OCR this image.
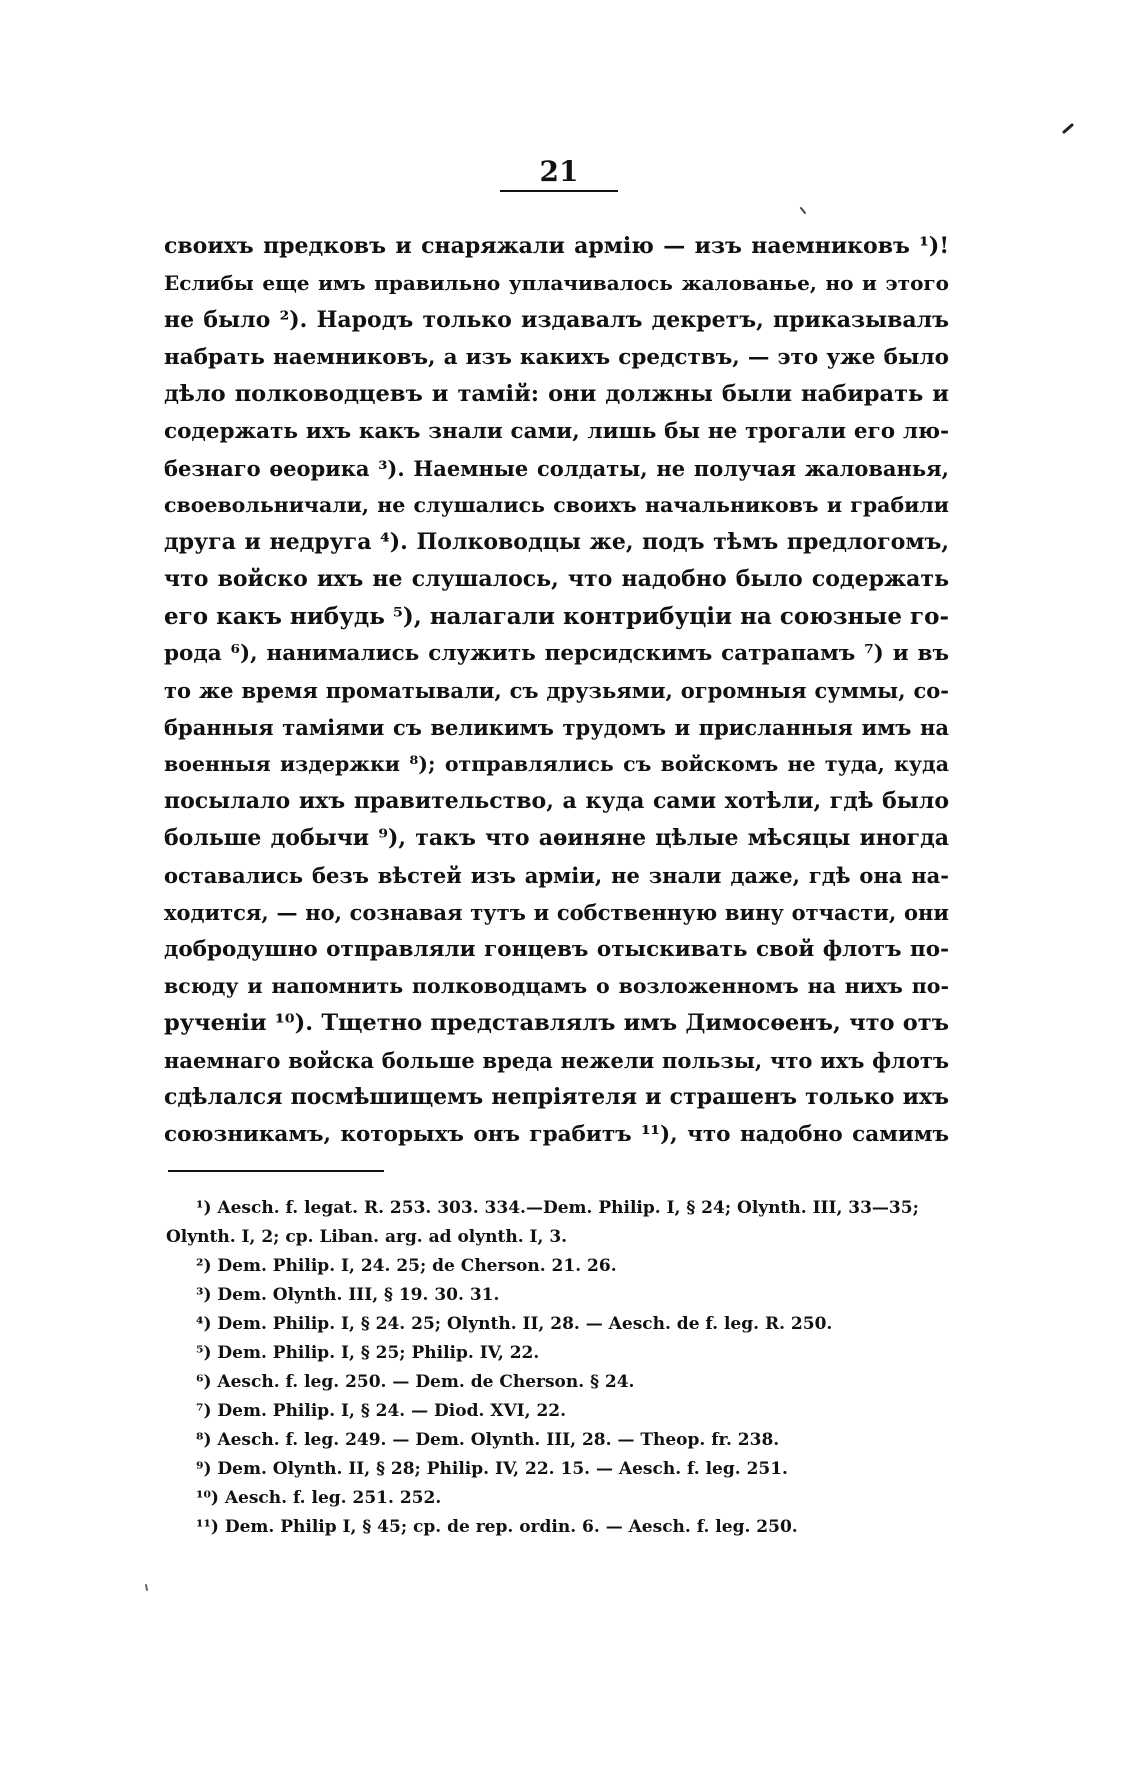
21
своихъ предковъ и снаряжали армію — изъ наемниковъ ¹)!
Еслибы еще имъ правильно уплачивалось жалованье, но и этого
не было ²). Народъ только издавалъ декретъ, приказывалъ
набрать наемниковъ, а изъ какихъ средствъ, — это уже было
дѣло полководцевъ и тамій: они должны были набирать и
содержать ихъ какъ знали сами, лишь бы не трогали его лю-
безнаго ѳеорика ³). Наемные солдаты, не получая жалованья,
своевольничали, не слушались своихъ начальниковъ и грабили
друга и недруга ⁴). Полководцы же, подъ тѣмъ предлогомъ,
что войско ихъ не слушалось, что надобно было содержать
его какъ нибудь ⁵), налагали контрибуціи на союзные го-
рода ⁶), нанимались служить персидскимъ сатрапамъ ⁷) и въ
то же время проматывали, съ друзьями, огромныя суммы, со-
бранныя таміями съ великимъ трудомъ и присланныя имъ на
военныя издержки ⁸); отправлялись съ войскомъ не туда, куда
посылало ихъ правительство, а куда сами хотѣли, гдѣ было
больше добычи ⁹), такъ что аѳиняне цѣлые мѣсяцы иногда
оставались безъ вѣстей изъ арміи, не знали даже, гдѣ она на-
ходится, — но, сознавая тутъ и собственную вину отчасти, они
добродушно отправляли гонцевъ отыскивать свой флотъ по-
всюду и напомнить полководцамъ о возложенномъ на нихъ по-
рученіи ¹⁰). Тщетно представлялъ имъ Димосѳенъ, что отъ
наемнаго войска больше вреда нежели пользы, что ихъ флотъ
сдѣлался посмѣшищемъ непріятеля и страшенъ только ихъ
союзникамъ, которыхъ онъ грабитъ ¹¹), что надобно самимъ
¹) Aesch. f. legat. R. 253. 303. 334.—Dem. Philip. I, § 24; Olynth. III, 33—35;
Olynth. I, 2; cp. Liban. arg. ad olynth. I, 3.
²) Dem. Philip. I, 24. 25; de Cherson. 21. 26.
³) Dem. Olynth. III, § 19. 30. 31.
⁴) Dem. Philip. I, § 24. 25; Olynth. II, 28. — Aesch. de f. leg. R. 250.
⁵) Dem. Philip. I, § 25; Philip. IV, 22.
⁶) Aesch. f. leg. 250. — Dem. de Cherson. § 24.
⁷) Dem. Philip. I, § 24. — Diod. XVI, 22.
⁸) Aesch. f. leg. 249. — Dem. Olynth. III, 28. — Theop. fr. 238.
⁹) Dem. Olynth. II, § 28; Philip. IV, 22. 15. — Aesch. f. leg. 251.
¹⁰) Aesch. f. leg. 251. 252.
¹¹) Dem. Philip I, § 45; cp. de rep. ordin. 6. — Aesch. f. leg. 250.
